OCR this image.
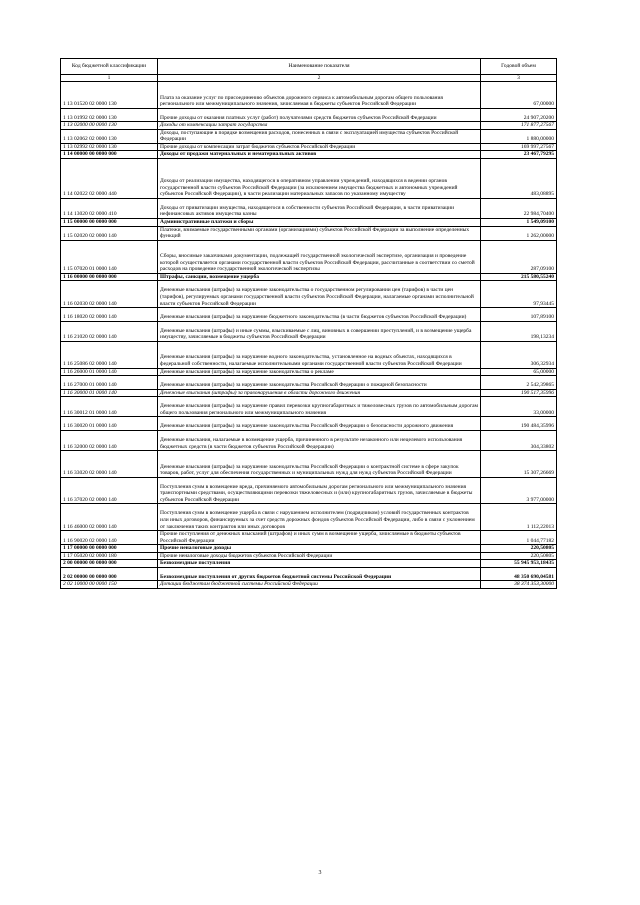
Код бюджетной классификации	Наименование показателя	Годовой объем
1	2	3
1 13 01520 02 0000 130	Плата за оказание услуг по присоединению объектов дорожного сервиса к автомобильным дорогам общего пользования регионального или межмуниципального значения, зачисляемая в бюджеты субъектов Российской Федерации	67,00000
1 13 01992 02 0000 130	Прочие доходы от оказания платных услуг (работ) получателями средств бюджетов субъектов Российской Федерации	24 907,20200
1 13 02000 00 0000 130	Доходы от компенсации затрат государства	171 877,27567
1 13 02062 02 0000 130	Доходы, поступающие в порядке возмещения расходов, понесенных в связи с эксплуатацией имущества субъектов Российской Федерации	1 880,00000
1 13 02992 02 0000 130	Прочие доходы от компенсации затрат бюджетов субъектов Российской Федерации	169 997,27567
1 14 00000 00 0000 000	Доходы от продажи материальных и нематериальных активов	23 467,79295
1 14 02022 02 0000 440	Доходы от реализации имущества, находящегося в оперативном управлении учреждений, находящихся в ведении органов государственной власти субъектов Российской Федерации (за исключением имущества бюджетных и автономных учреждений субъектов Российской Федерации), в части реализации материальных запасов по указанному имуществу	483,08895
1 14 13020 02 0000 410	Доходы от приватизации имущества, находящегося в собственности субъектов Российской Федерации, в части приватизации нефинансовых активов имущества казны	22 984,70400
1 15 00000 00 0000 000	Административные платежи и сборы	1 549,09100
1 15 02020 02 0000 140	Платежи, взимаемые государственными органами (организациями) субъектов Российской Федерации за выполнение определенных функций	1 262,00000
1 15 07020 01 0000 140	Сборы, вносимые заказчиками документации, подлежащей государственной экологической экспертизе, организация и проведение которой осуществляется органами государственной власти субъектов Российской Федерации, рассчитанные в соответствии со сметой расходов на проведение государственной экологической экспертизы	287,09100
1 16 00000 00 0000 000	Штрафы, санкции, возмещение ущерба	215 580,55240
1 16 02030 02 0000 140	Денежные взыскания (штрафы) за нарушение законодательства о государственном регулировании цен (тарифов) в части цен (тарифов), регулируемых органами государственной власти субъектов Российской Федерации, налагаемые органами исполнительной власти субъектов Российской Федерации	97,93445
1 16 18020 02 0000 140	Денежные взыскания (штрафы) за нарушение бюджетного законодательства (в части бюджетов субъектов Российской Федерации)	107,89100
1 16 21020 02 0000 140	Денежные взыскания (штрафы) и иные суммы, взыскиваемые с лиц, виновных в совершении преступлений, и в возмещение ущерба имуществу, зачисляемые в бюджеты субъектов Российской Федерации	198,13234
1 16 25086 02 0000 140	Денежные взыскания (штрафы) за нарушение водного законодательства, установленное на водных объектах, находящихся в федеральной собственности, налагаемые исполнительными органами государственной власти субъектов Российской Федерации	306,32934
1 16 26000 01 0000 140	Денежные взыскания (штрафы) за нарушение законодательства о рекламе	65,00000
1 16 27000 01 0000 140	Денежные взыскания (штрафы) за нарушение законодательства Российской Федерации о пожарной безопасности	2 542,39865
1 16 30000 01 0000 140	Денежные взыскания (штрафы) за правонарушения в области дорожного движения	190 517,35996
1 16 30012 01 0000 140	Денежные взыскания (штрафы) за нарушение правил перевозки крупногабаритных и тяжеловесных грузов по автомобильным дорогам общего пользования регионального или межмуниципального значения	33,00000
1 16 30020 01 0000 140	Денежные взыскания (штрафы) за нарушение законодательства Российской Федерации о безопасности дорожного движения	190 484,35996
1 16 32000 02 0000 140	Денежные взыскания, налагаемые в возмещение ущерба, причиненного в результате незаконного или нецелевого использования бюджетных средств (в части бюджетов субъектов Российской Федерации)	304,33802
1 16 33020 02 0000 140	Денежные взыскания (штрафы) за нарушение законодательства Российской Федерации о контрактной системе в сфере закупок товаров, работ, услуг для обеспечения государственных и муниципальных нужд для нужд субъектов Российской Федерации	15 307,26669
1 16 37020 02 0000 140	Поступления сумм в возмещение вреда, причиняемого автомобильным дорогам регионального или межмуниципального значения транспортными средствами, осуществляющими перевозки тяжеловесных и (или) крупногабаритных грузов, зачисляемые в бюджеты субъектов Российской Федерации	3 977,00000
1 16 46000 02 0000 140	Поступления сумм в возмещение ущерба в связи с нарушением исполнителем (подрядчиком) условий государственных контрактов или иных договоров, финансируемых за счет средств дорожных фондов субъектов Российской Федерации, либо в связи с уклонением от заключения таких контрактов или иных договоров	1 112,22013
1 16 90020 02 0000 140	Прочие поступления от денежных взысканий (штрафов) и иных сумм в возмещение ущерба, зачисляемые в бюджеты субъектов Российской Федерации	1 044,77182
1 17 00000 00 0000 000	Прочие неналоговые доходы	220,50805
1 17 05020 02 0000 180	Прочие неналоговые доходы бюджетов субъектов Российской Федерации	220,50805
2 00 00000 00 0000 000	Безвозмездные поступления	55 945 953,18435
2 02 00000 00 0000 000	Безвозмездные поступления от других бюджетов бюджетной системы Российской Федерации	48 350 690,04581
2 02 10000 00 0000 150	Дотации бюджетам бюджетной системы Российской Федерации	38 374 353,30000
3
